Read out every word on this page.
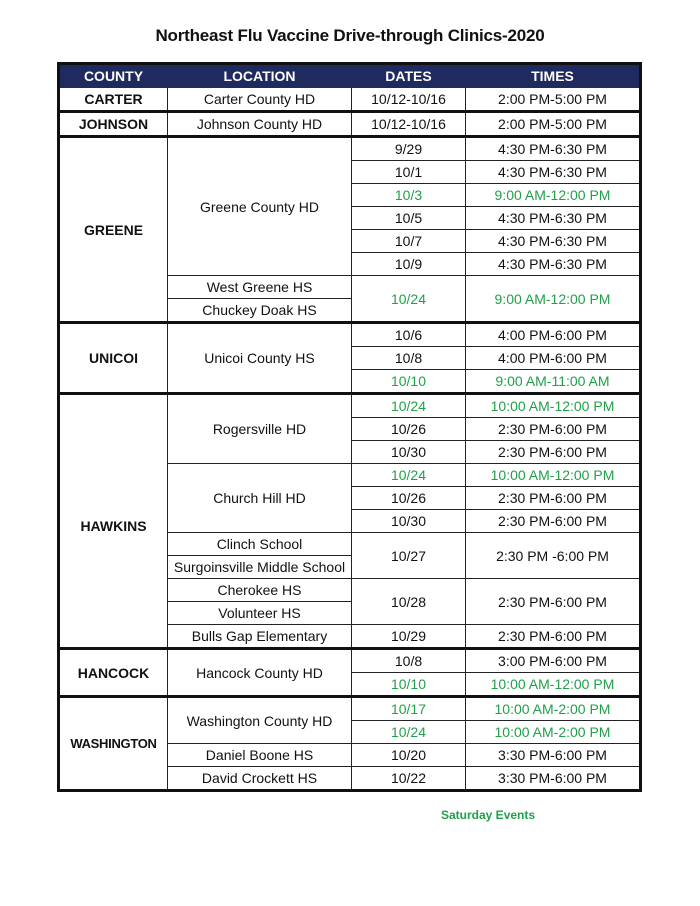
Northeast Flu Vaccine Drive-through Clinics-2020
COUNTY	LOCATION	DATES	TIMES
CARTER	Carter County HD	10/12-10/16	2:00 PM-5:00 PM
JOHNSON	Johnson County HD	10/12-10/16	2:00 PM-5:00 PM
GREENE	Greene County HD	9/29	4:30 PM-6:30 PM
		10/1	4:30 PM-6:30 PM
		10/3	9:00 AM-12:00 PM
		10/5	4:30 PM-6:30 PM
		10/7	4:30 PM-6:30 PM
		10/9	4:30 PM-6:30 PM
	West Greene HS	10/24	9:00 AM-12:00 PM
	Chuckey Doak HS		
UNICOI	Unicoi County HS	10/6	4:00 PM-6:00 PM
		10/8	4:00 PM-6:00 PM
		10/10	9:00 AM-11:00 AM
HAWKINS	Rogersville HD	10/24	10:00 AM-12:00 PM
		10/26	2:30 PM-6:00 PM
		10/30	2:30 PM-6:00 PM
	Church Hill HD	10/24	10:00 AM-12:00 PM
		10/26	2:30 PM-6:00 PM
		10/30	2:30 PM-6:00 PM
	Clinch School	10/27	2:30 PM -6:00 PM
	Surgoinsville Middle School		
	Cherokee HS	10/28	2:30 PM-6:00 PM
	Volunteer HS		
	Bulls Gap Elementary	10/29	2:30 PM-6:00 PM
HANCOCK	Hancock County HD	10/8	3:00 PM-6:00 PM
		10/10	10:00 AM-12:00 PM
WASHINGTON	Washington County HD	10/17	10:00 AM-2:00 PM
		10/24	10:00 AM-2:00 PM
	Daniel Boone HS	10/20	3:30 PM-6:00 PM
	David Crockett HS	10/22	3:30 PM-6:00 PM
Saturday Events
